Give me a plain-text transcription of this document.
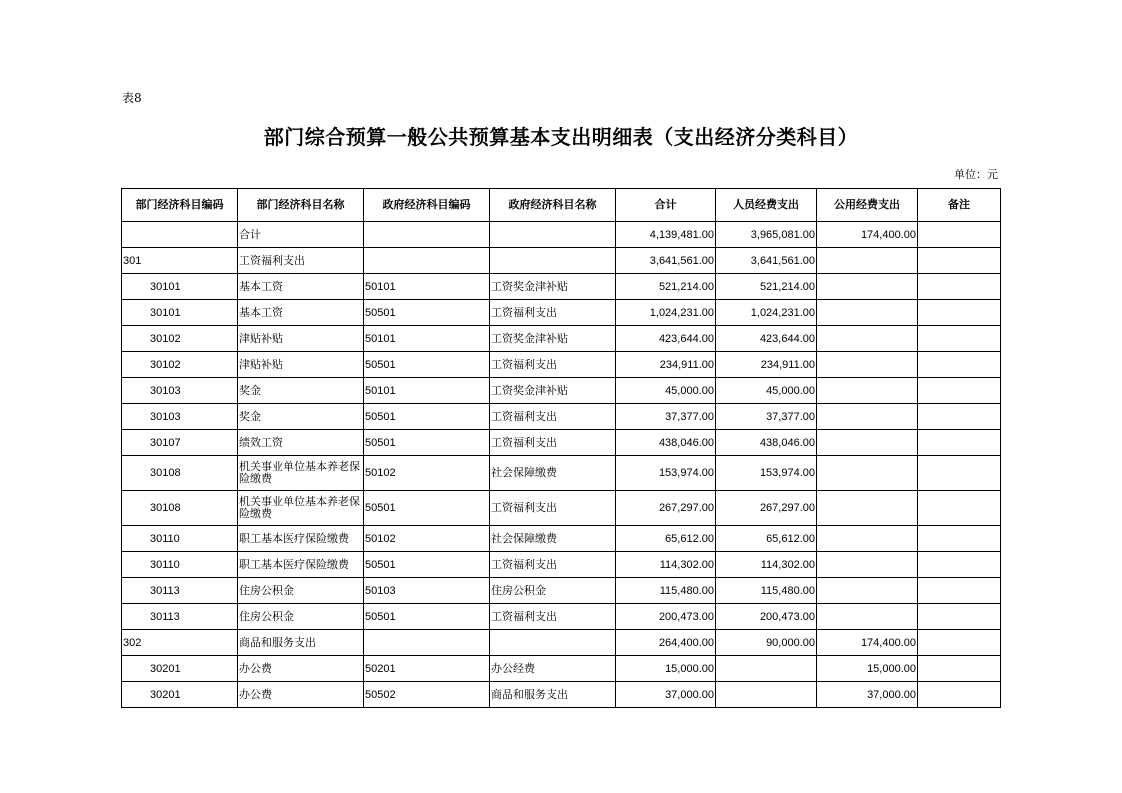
表8
部门综合预算一般公共预算基本支出明细表（支出经济分类科目）
单位：元
部门经济科目编码	部门经济科目名称	政府经济科目编码	政府经济科目名称	合计	人员经费支出	公用经费支出	备注
	合计			4,139,481.00	3,965,081.00	174,400.00	
301	工资福利支出			3,641,561.00	3,641,561.00		
30101	基本工资	50101	工资奖金津补贴	521,214.00	521,214.00		
30101	基本工资	50501	工资福利支出	1,024,231.00	1,024,231.00		
30102	津贴补贴	50101	工资奖金津补贴	423,644.00	423,644.00		
30102	津贴补贴	50501	工资福利支出	234,911.00	234,911.00		
30103	奖金	50101	工资奖金津补贴	45,000.00	45,000.00		
30103	奖金	50501	工资福利支出	37,377.00	37,377.00		
30107	绩效工资	50501	工资福利支出	438,046.00	438,046.00		
30108	机关事业单位基本养老保险缴费	50102	社会保障缴费	153,974.00	153,974.00		
30108	机关事业单位基本养老保险缴费	50501	工资福利支出	267,297.00	267,297.00		
30110	职工基本医疗保险缴费	50102	社会保障缴费	65,612.00	65,612.00		
30110	职工基本医疗保险缴费	50501	工资福利支出	114,302.00	114,302.00		
30113	住房公积金	50103	住房公积金	115,480.00	115,480.00		
30113	住房公积金	50501	工资福利支出	200,473.00	200,473.00		
302	商品和服务支出			264,400.00	90,000.00	174,400.00	
30201	办公费	50201	办公经费	15,000.00		15,000.00	
30201	办公费	50502	商品和服务支出	37,000.00		37,000.00	
